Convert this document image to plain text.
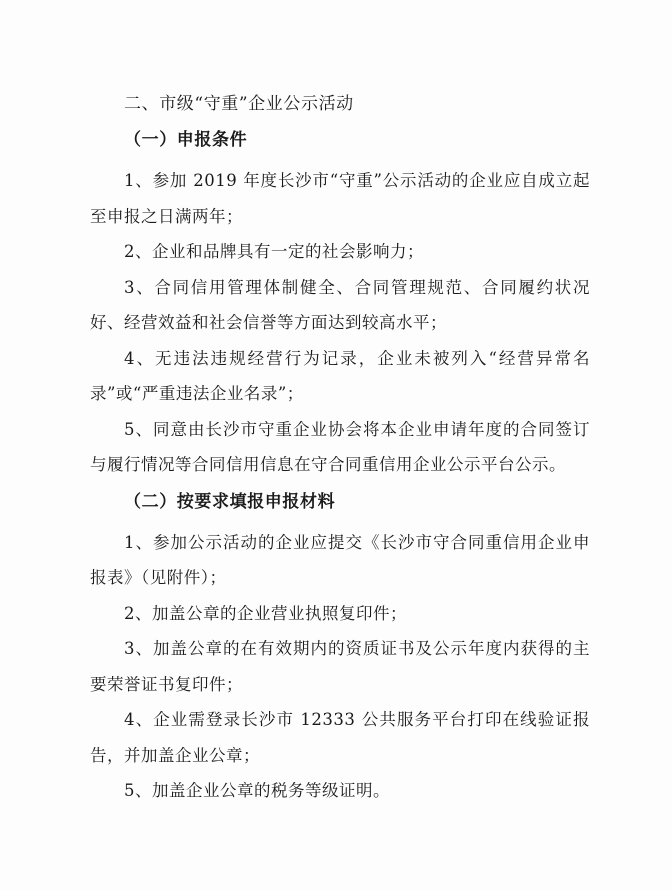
二、市级“守重”企业公示活动
（一）申报条件

1、参加 2019 年度长沙市“守重”公示活动的企业应自成立起至申报之日满两年；

2、企业和品牌具有一定的社会影响力；

3、合同信用管理体制健全、合同管理规范、合同履约状况好、经营效益和社会信誉等方面达到较高水平；

4、无违法违规经营行为记录，企业未被列入“经营异常名录”或“严重违法企业名录”；

5、同意由长沙市守重企业协会将本企业申请年度的合同签订与履行情况等合同信用信息在守合同重信用企业公示平台公示。

（二）按要求填报申报材料

1、参加公示活动的企业应提交《长沙市守合同重信用企业申报表》（见附件）；

2、加盖公章的企业营业执照复印件；

3、加盖公章的在有效期内的资质证书及公示年度内获得的主要荣誉证书复印件；

4、企业需登录长沙市 12333 公共服务平台打印在线验证报告，并加盖企业公章；

5、加盖企业公章的税务等级证明。
